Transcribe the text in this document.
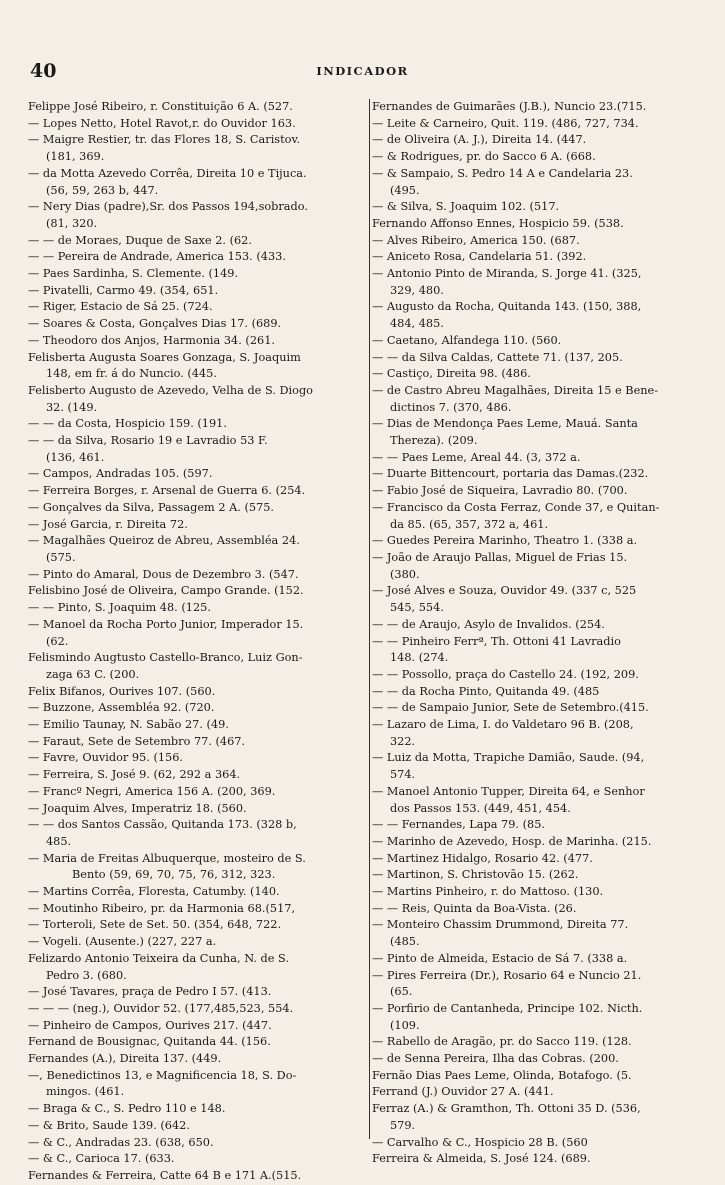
40	INDICADOR
Felippe José Ribeiro, r. Constituição 6 A. (527.
— Lopes Netto, Hotel Ravot,r. do Ouvidor 163.
— Maigre Restier, tr. das Flores 18, S. Caristov.
(181, 369.
— da Motta Azevedo Corrêa, Direita 10 e Tijuca.
(56, 59, 263 b, 447.
— Nery Dias (padre),Sr. dos Passos 194,sobrado.
(81, 320.
— — de Moraes, Duque de Saxe 2. (62.
— — Pereira de Andrade, America 153. (433.
— Paes Sardinha, S. Clemente. (149.
— Pivatelli, Carmo 49. (354, 651.
— Riger, Estacio de Sá 25. (724.
— Soares & Costa, Gonçalves Dias 17. (689.
— Theodoro dos Anjos, Harmonia 34. (261.
Felisberta Augusta Soares Gonzaga, S. Joaquim
148, em fr. á do Nuncio. (445.
Felisberto Augusto de Azevedo, Velha de S. Diogo
32. (149.
— — da Costa, Hospicio 159. (191.
— — da Silva, Rosario 19 e Lavradio 53 F.
(136, 461.
— Campos, Andradas 105. (597.
— Ferreira Borges, r. Arsenal de Guerra 6. (254.
— Gonçalves da Silva, Passagem 2 A. (575.
— José Garcia, r. Direita 72.
— Magalhães Queiroz de Abreu, Assembléa 24.
(575.
— Pinto do Amaral, Dous de Dezembro 3. (547.
Felisbino José de Oliveira, Campo Grande. (152.
— — Pinto, S. Joaquim 48. (125.
— Manoel da Rocha Porto Junior, Imperador 15.
(62.
Felismindo Augtusto Castello-Branco, Luiz Gon-
zaga 63 C. (200.
Felix Bifanos, Ourives 107. (560.
— Buzzone, Assembléa 92. (720.
— Emilio Taunay, N. Sabão 27. (49.
— Faraut, Sete de Setembro 77. (467.
— Favre, Ouvidor 95. (156.
— Ferreira, S. José 9. (62, 292 a 364.
— Francº Negri, America 156 A. (200, 369.
— Joaquim Alves, Imperatriz 18. (560.
— — dos Santos Cassão, Quitanda 173. (328 b,
485.
— Maria de Freitas Albuquerque, mosteiro de S.
Bento (59, 69, 70, 75, 76, 312, 323.
— Martins Corrêa, Floresta, Catumby. (140.
— Moutinho Ribeiro, pr. da Harmonia 68.(517,
— Torteroli, Sete de Set. 50. (354, 648, 722.
— Vogeli. (Ausente.) (227, 227 a.
Felizardo Antonio Teixeira da Cunha, N. de S.
Pedro 3. (680.
— José Tavares, praça de Pedro I 57. (413.
— — — (neg.), Ouvidor 52. (177,485,523, 554.
— Pinheiro de Campos, Ourives 217. (447.
Fernand de Bousignac, Quitanda 44. (156.
Fernandes (A.), Direita 137. (449.
—, Benedictinos 13, e Magnificencia 18, S. Do-
mingos. (461.
— Braga & C., S. Pedro 110 e 148.
— & Brito, Saude 139. (642.
— & C., Andradas 23. (638, 650.
— & C., Carioca 17. (633.
Fernandes & Ferreira, Catte 64 B e 171 A.(515.
Fernandes de Guimarães (J.B.), Nuncio 23.(715.
— Leite & Carneiro, Quit. 119. (486, 727, 734.
— de Oliveira (A. J.), Direita 14. (447.
— & Rodrigues, pr. do Sacco 6 A. (668.
— & Sampaio, S. Pedro 14 A e Candelaria 23.
(495.
— & Silva, S. Joaquim 102. (517.
Fernando Affonso Ennes, Hospicio 59. (538.
— Alves Ribeiro, America 150. (687.
— Aniceto Rosa, Candelaria 51. (392.
— Antonio Pinto de Miranda, S. Jorge 41. (325,
329, 480.
— Augusto da Rocha, Quitanda 143. (150, 388,
484, 485.
— Caetano, Alfandega 110. (560.
— — da Silva Caldas, Cattete 71. (137, 205.
— Castiço, Direita 98. (486.
— de Castro Abreu Magalhães, Direita 15 e Bene-
dictinos 7. (370, 486.
— Dias de Mendonça Paes Leme, Mauá. Santa
Thereza). (209.
— — Paes Leme, Areal 44. (3, 372 a.
— Duarte Bittencourt, portaria das Damas.(232.
— Fabio José de Siqueira, Lavradio 80. (700.
— Francisco da Costa Ferraz, Conde 37, e Quitan-
da 85. (65, 357, 372 a, 461.
— Guedes Pereira Marinho, Theatro 1. (338 a.
— João de Araujo Pallas, Miguel de Frias 15.
(380.
— José Alves e Souza, Ouvidor 49. (337 c, 525
545, 554.
— — de Araujo, Asylo de Invalidos. (254.
— — Pinheiro Ferrª, Th. Ottoni 41 Lavradio
148. (274.
— — Possollo, praça do Castello 24. (192, 209.
— — da Rocha Pinto, Quitanda 49. (485
— — de Sampaio Junior, Sete de Setembro.(415.
— Lazaro de Lima, I. do Valdetaro 96 B. (208,
322.
— Luiz da Motta, Trapiche Damião, Saude. (94,
574.
— Manoel Antonio Tupper, Direita 64, e Senhor
dos Passos 153. (449, 451, 454.
— — Fernandes, Lapa 79. (85.
— Marinho de Azevedo, Hosp. de Marinha. (215.
— Martinez Hidalgo, Rosario 42. (477.
— Martinon, S. Christovão 15. (262.
— Martins Pinheiro, r. do Mattoso. (130.
— — Reis, Quinta da Boa-Vista. (26.
— Monteiro Chassim Drummond, Direita 77.
(485.
— Pinto de Almeida, Estacio de Sá 7. (338 a.
— Pires Ferreira (Dr.), Rosario 64 e Nuncio 21.
(65.
— Porfirio de Cantanheda, Principe 102. Nicth.
(109.
— Rabello de Aragão, pr. do Sacco 119. (128.
— de Senna Pereira, Ilha das Cobras. (200.
Fernão Dias Paes Leme, Olinda, Botafogo. (5.
Ferrand (J.) Ouvidor 27 A. (441.
Ferraz (A.) & Gramthon, Th. Ottoni 35 D. (536,
579.
— Carvalho & C., Hospicio 28 B. (560
Ferreira & Almeida, S. José 124. (689.
